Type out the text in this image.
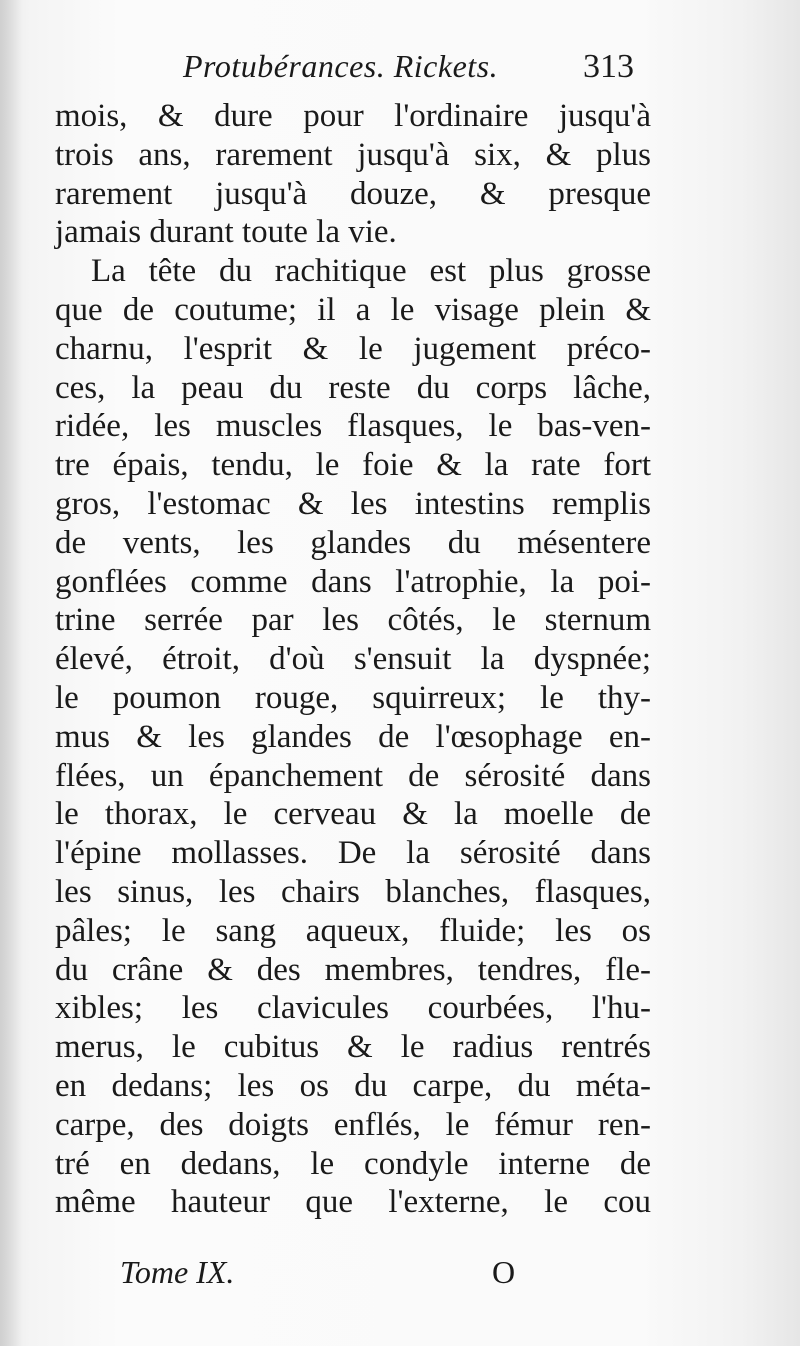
Protubérances. Rickets. 313
mois, & dure pour l'ordinaire jusqu'à
trois ans, rarement jusqu'à six, & plus
rarement jusqu'à douze, & presque
jamais durant toute la vie.
La tête du rachitique est plus grosse
que de coutume; il a le visage plein &
charnu, l'esprit & le jugement préco-
ces, la peau du reste du corps lâche,
ridée, les muscles flasques, le bas-ven-
tre épais, tendu, le foie & la rate fort
gros, l'estomac & les intestins remplis
de vents, les glandes du mésentere
gonflées comme dans l'atrophie, la poi-
trine serrée par les côtés, le sternum
élevé, étroit, d'où s'ensuit la dyspnée;
le poumon rouge, squirreux; le thy-
mus & les glandes de l'œsophage en-
flées, un épanchement de sérosité dans
le thorax, le cerveau & la moelle de
l'épine mollasses. De la sérosité dans
les sinus, les chairs blanches, flasques,
pâles; le sang aqueux, fluide; les os
du crâne & des membres, tendres, fle-
xibles; les clavicules courbées, l'hu-
merus, le cubitus & le radius rentrés
en dedans; les os du carpe, du méta-
carpe, des doigts enflés, le fémur ren-
tré en dedans, le condyle interne de
même hauteur que l'externe, le cou
Tome IX.	O
